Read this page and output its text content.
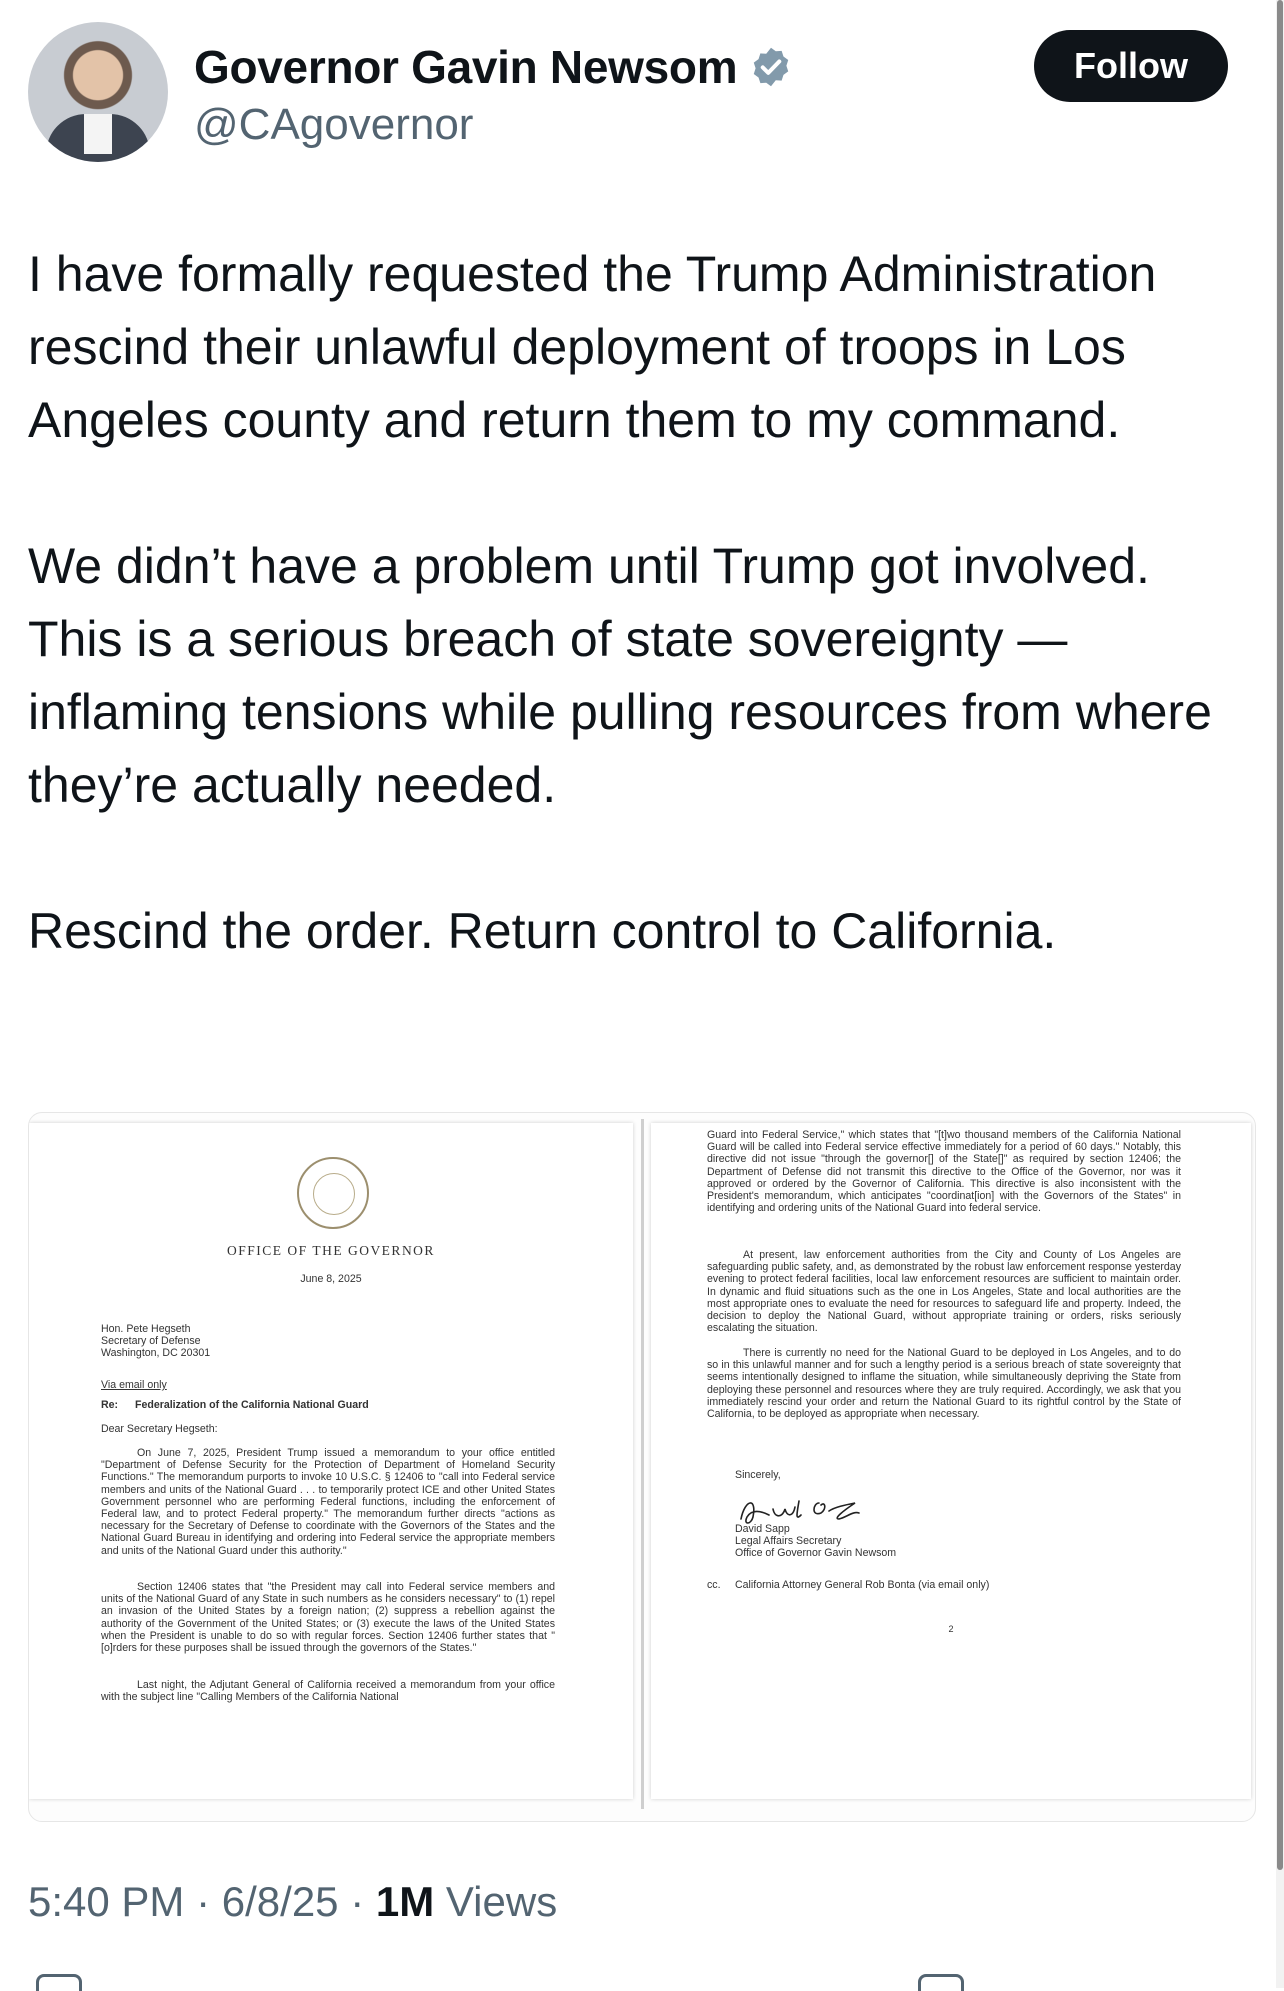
Governor Gavin Newsom
@CAgovernor
Follow

I have formally requested the Trump Administration rescind their unlawful deployment of troops in Los Angeles county and return them to my command.

We didn’t have a problem until Trump got involved. This is a serious breach of state sovereignty — inflaming tensions while pulling resources from where they’re actually needed.

Rescind the order. Return control to California.

OFFICE OF THE GOVERNOR
June 8, 2025
Hon. Pete Hegseth
Secretary of Defense
Washington, DC 20301
Via email only
Re: Federalization of the California National Guard
Dear Secretary Hegseth:
On June 7, 2025, President Trump issued a memorandum to your office entitled "Department of Defense Security for the Protection of Department of Homeland Security Functions." The memorandum purports to invoke 10 U.S.C. § 12406 to "call into Federal service members and units of the National Guard . . . to temporarily protect ICE and other United States Government personnel who are performing Federal functions, including the enforcement of Federal law, and to protect Federal property." The memorandum further directs "actions as necessary for the Secretary of Defense to coordinate with the Governors of the States and the National Guard Bureau in identifying and ordering into Federal service the appropriate members and units of the National Guard under this authority."
Section 12406 states that "the President may call into Federal service members and units of the National Guard of any State in such numbers as he considers necessary" to (1) repel an invasion of the United States by a foreign nation; (2) suppress a rebellion against the authority of the Government of the United States; or (3) execute the laws of the United States when the President is unable to do so with regular forces. Section 12406 further states that "[o]rders for these purposes shall be issued through the governors of the States."
Last night, the Adjutant General of California received a memorandum from your office with the subject line "Calling Members of the California National
Guard into Federal Service," which states that "[t]wo thousand members of the California National Guard will be called into Federal service effective immediately for a period of 60 days." Notably, this directive did not issue "through the governor[] of the State[]" as required by section 12406; the Department of Defense did not transmit this directive to the Office of the Governor, nor was it approved or ordered by the Governor of California. This directive is also inconsistent with the President's memorandum, which anticipates "coordinat[ion] with the Governors of the States" in identifying and ordering units of the National Guard into federal service.
At present, law enforcement authorities from the City and County of Los Angeles are safeguarding public safety, and, as demonstrated by the robust law enforcement response yesterday evening to protect federal facilities, local law enforcement resources are sufficient to maintain order. In dynamic and fluid situations such as the one in Los Angeles, State and local authorities are the most appropriate ones to evaluate the need for resources to safeguard life and property. Indeed, the decision to deploy the National Guard, without appropriate training or orders, risks seriously escalating the situation.
There is currently no need for the National Guard to be deployed in Los Angeles, and to do so in this unlawful manner and for such a lengthy period is a serious breach of state sovereignty that seems intentionally designed to inflame the situation, while simultaneously depriving the State from deploying these personnel and resources where they are truly required. Accordingly, we ask that you immediately rescind your order and return the National Guard to its rightful control by the State of California, to be deployed as appropriate when necessary.
Sincerely,
David Sapp
Legal Affairs Secretary
Office of Governor Gavin Newsom
cc. California Attorney General Rob Bonta (via email only)
2
5:40 PM · 6/8/25 · 1M Views
